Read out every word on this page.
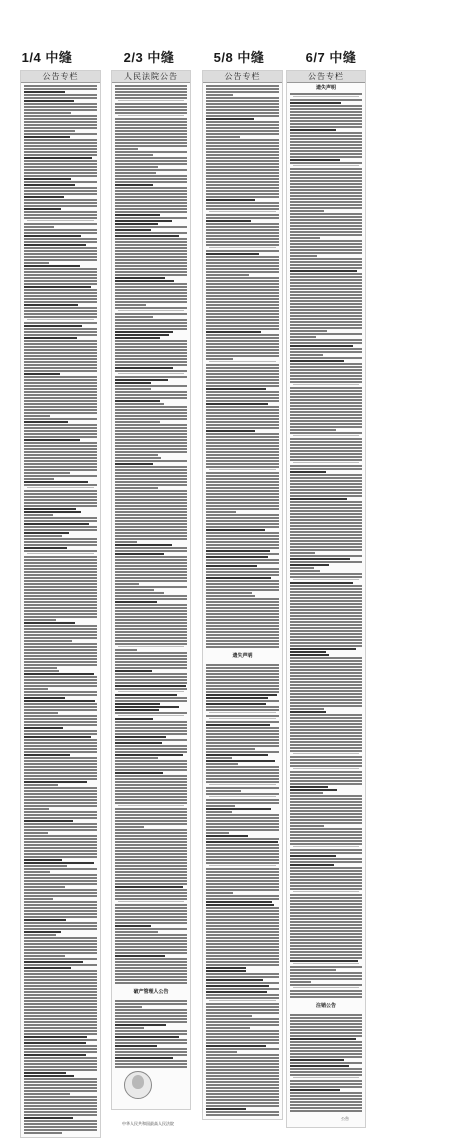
1/4 中缝	2/3 中缝	5/8 中缝	6/7 中缝
公告专栏	人民法院公告
破产管理人公告
中华人民共和国最高人民法院
公告专栏
遗失声明
公告专栏
遗失声明
注销公告
公告
